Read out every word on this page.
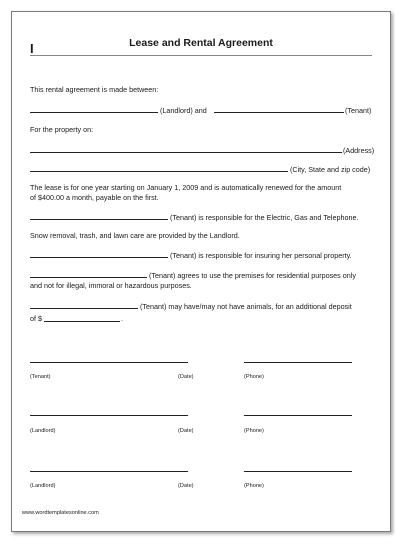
I	Lease and Rental Agreement
This rental agreement is made between:
(Landlord) and	(Tenant)
For the property on:
(Address)
(City, State and zip code)
The lease is for one year starting on January 1, 2009 and is automatically renewed for the amount
of $400.00 a month, payable on the first.
(Tenant) is responsible for the Electric, Gas and Telephone.
Snow removal, trash, and lawn care are provided by the Landlord.
(Tenant) is responsible for insuring her personal property.
(Tenant) agrees to use the premises for residential purposes only
and not for illegal, immoral or hazardous purposes.
(Tenant) may have/may not have animals, for an additional deposit
of $	.
(Tenant)	(Date)	(Phone)
(Landlord)	(Date)	(Phone)
(Landlord)	(Date)	(Phone)
www.wordtemplatesonline.com
